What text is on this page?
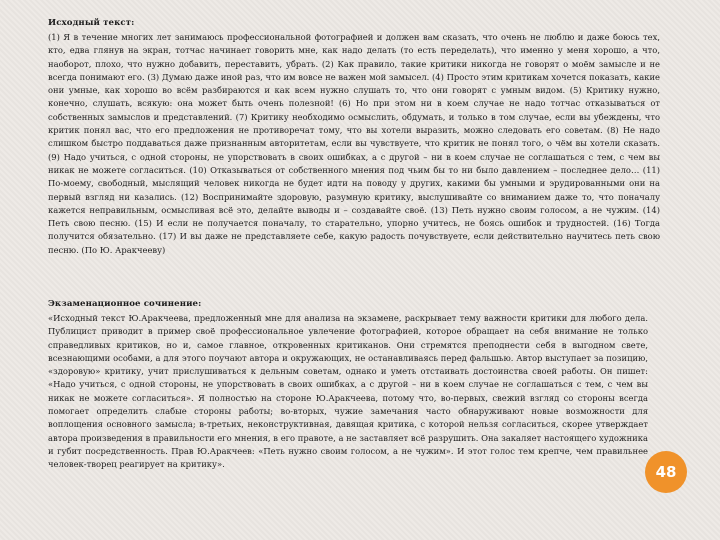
Исходный текст:
(1) Я в течение многих лет занимаюсь профессиональной фотографией и должен вам сказать, что очень не люблю и даже боюсь тех, кто, едва глянув на экран, тотчас начинает говорить мне, как надо делать (то есть переделать), что именно у меня хорошо, а что, наоборот, плохо, что нужно добавить, переставить, убрать. (2) Как правило, такие критики никогда не говорят о моём замысле и не всегда понимают его. (3) Думаю даже иной раз, что им вовсе не важен мой замысел. (4) Просто этим критикам хочется показать, какие они умные, как хорошо во всём разбираются и как всем нужно слушать то, что они говорят с умным видом. (5) Критику нужно, конечно, слушать, всякую: она может быть очень полезной! (6) Но при этом ни в коем случае не надо тотчас отказываться от собственных замыслов и представлений. (7) Критику необходимо осмыслить, обдумать, и только в том случае, если вы убеждены, что критик понял вас, что его предложения не противоречат тому, что вы хотели выразить, можно следовать его советам. (8) Не надо слишком быстро поддаваться даже признанным авторитетам, если вы чувствуете, что критик не понял того, о чём вы хотели сказать. (9) Надо учиться, с одной стороны, не упорствовать в своих ошибках, а с другой – ни в коем случае не соглашаться с тем, с чем вы никак не можете согласиться. (10) Отказываться от собственного мнения под чьим бы то ни было давлением – последнее дело… (11) По-моему, свободный, мыслящий человек никогда не будет идти на поводу у других, какими бы умными и эрудированными они на первый взгляд ни казались. (12) Воспринимайте здоровую, разумную критику, выслушивайте со вниманием даже то, что поначалу кажется неправильным, осмысливая всё это, делайте выводы и – создавайте своё. (13) Петь нужно своим голосом, а не чужим. (14) Петь свою песню. (15) И если не получается поначалу, то старательно, упорно учитесь, не боясь ошибок и трудностей. (16) Тогда получится обязательно. (17) И вы даже не представляете себе, какую радость почувствуете, если действительно научитесь петь свою песню. (По Ю. Аракчееву)
Экзаменационное сочинение:
«Исходный текст Ю.Аракчеева, предложенный мне для анализа на экзамене, раскрывает тему важности критики для любого дела. Публицист приводит в пример своё профессиональное увлечение фотографией, которое обращает на себя внимание не только справедливых критиков, но и, самое главное, откровенных критиканов. Они стремятся преподнести себя в выгодном свете, всезнающими особами, а для этого поучают автора и окружающих, не останавливаясь перед фальшью. Автор выступает за позицию, «здоровую» критику, учит прислушиваться к дельным советам, однако и уметь отстаивать достоинства своей работы. Он пишет: «Надо учиться, с одной стороны, не упорствовать в своих ошибках, а с другой – ни в коем случае не соглашаться с тем, с чем вы никак не можете согласиться». Я полностью на стороне Ю.Аракчеева, потому что, во-первых, свежий взгляд со стороны всегда помогает определить слабые стороны работы; во-вторых, чужие замечания часто обнаруживают новые возможности для воплощения основного замысла; в-третьих, неконструктивная, давящая критика, с которой нельзя согласиться, скорее утверждает автора произведения в правильности его мнения, в его правоте, а не заставляет всё разрушить. Она закаляет настоящего художника и губит посредственность. Прав Ю.Аракчеев: «Петь нужно своим голосом, а не чужим». И этот голос тем крепче, чем правильнее человек-творец реагирует на критику».	48
